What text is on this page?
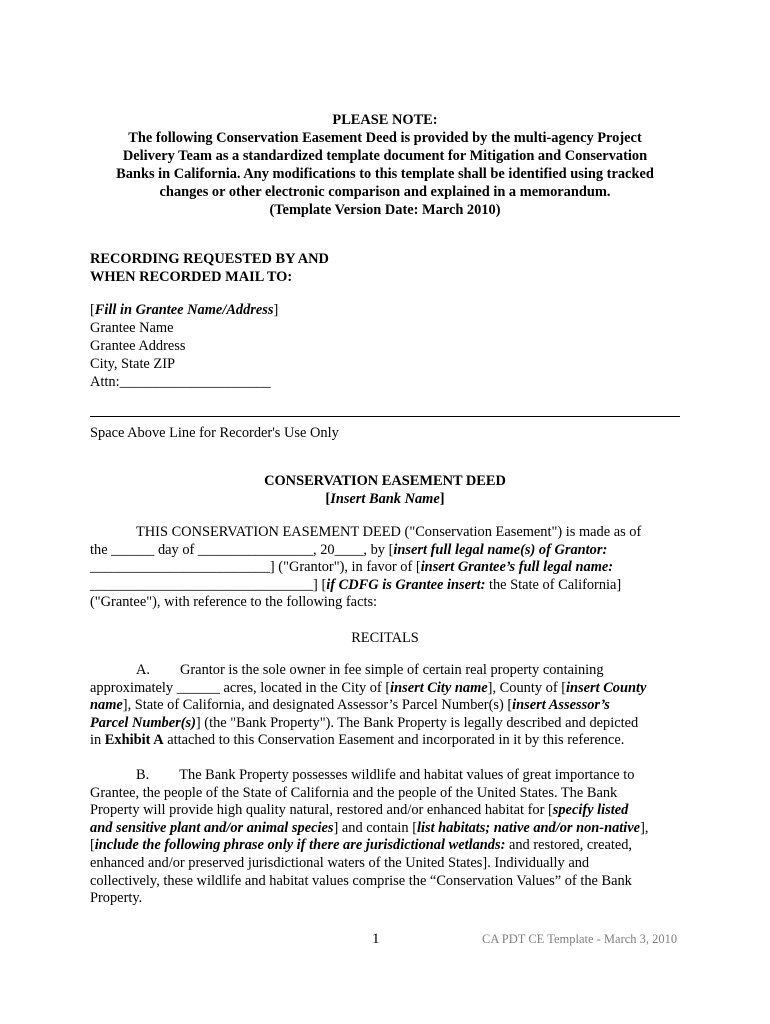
PLEASE NOTE:
The following Conservation Easement Deed is provided by the multi-agency Project
Delivery Team as a standardized template document for Mitigation and Conservation
Banks in California. Any modifications to this template shall be identified using tracked
changes or other electronic comparison and explained in a memorandum.
(Template Version Date: March 2010)
RECORDING REQUESTED BY AND
WHEN RECORDED MAIL TO:
[Fill in Grantee Name/Address]
Grantee Name
Grantee Address
City, State ZIP
Attn:_____________________
Space Above Line for Recorder's Use Only
CONSERVATION EASEMENT DEED
[Insert Bank Name]
THIS CONSERVATION EASEMENT DEED ("Conservation Easement") is made as of
the ______ day of ________________, 20____, by [insert full legal name(s) of Grantor:
_________________________] ("Grantor"), in favor of [insert Grantee’s full legal name:
_______________________________] [if CDFG is Grantee insert: the State of California]
("Grantee"), with reference to the following facts:
RECITALS
A. Grantor is the sole owner in fee simple of certain real property containing
approximately ______ acres, located in the City of [insert City name], County of [insert County
name], State of California, and designated Assessor’s Parcel Number(s) [insert Assessor’s
Parcel Number(s)] (the "Bank Property"). The Bank Property is legally described and depicted
in Exhibit A attached to this Conservation Easement and incorporated in it by this reference.
B. The Bank Property possesses wildlife and habitat values of great importance to
Grantee, the people of the State of California and the people of the United States. The Bank
Property will provide high quality natural, restored and/or enhanced habitat for [specify listed
and sensitive plant and/or animal species] and contain [list habitats; native and/or non-native],
[include the following phrase only if there are jurisdictional wetlands: and restored, created,
enhanced and/or preserved jurisdictional waters of the United States]. Individually and
collectively, these wildlife and habitat values comprise the “Conservation Values” of the Bank
Property.
1	CA PDT CE Template - March 3, 2010
